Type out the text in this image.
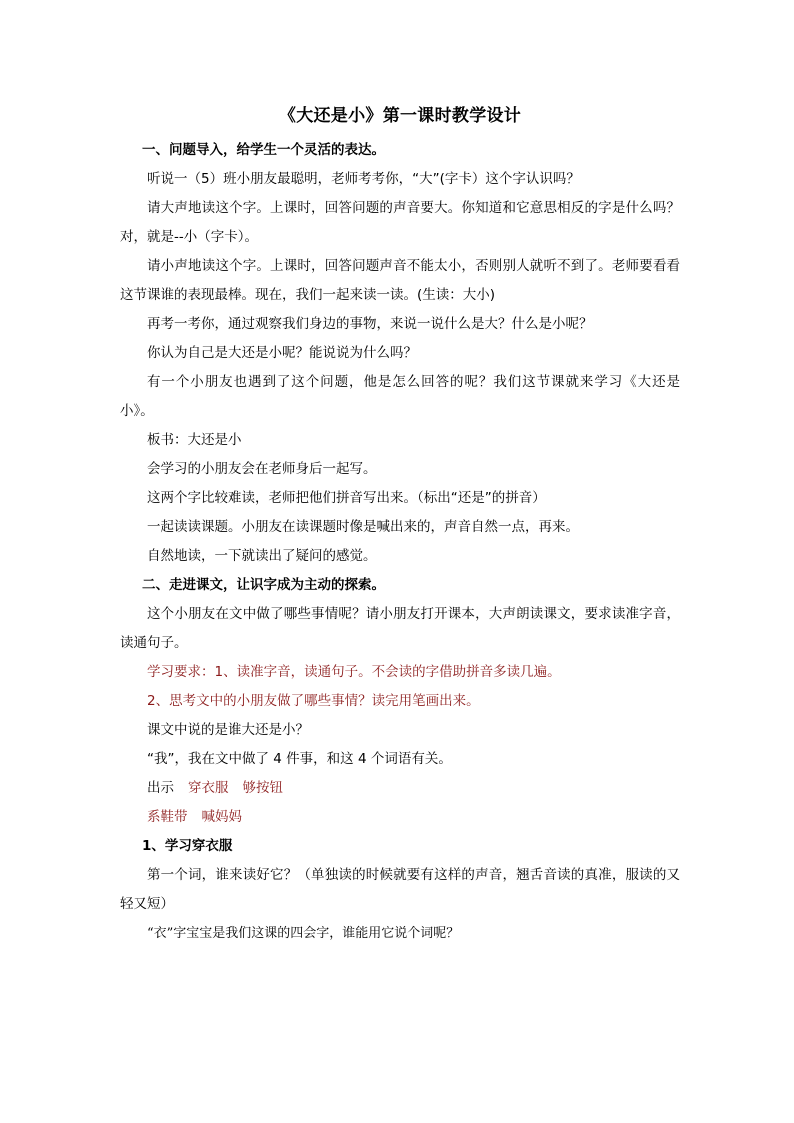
《大还是小》第一课时教学设计

一、问题导入，给学生一个灵活的表达。

听说一（5）班小朋友最聪明，老师考考你，“大”(字卡）这个字认识吗？

请大声地读这个字。上课时，回答问题的声音要大。你知道和它意思相反的字是什么吗？对，就是--小（字卡）。

请小声地读这个字。上课时，回答问题声音不能太小，否则别人就听不到了。老师要看看这节课谁的表现最棒。现在，我们一起来读一读。(生读：大小)

再考一考你，通过观察我们身边的事物，来说一说什么是大？什么是小呢？

你认为自己是大还是小呢？能说说为什么吗？

有一个小朋友也遇到了这个问题，他是怎么回答的呢？我们这节课就来学习《大还是小》。

板书：大还是小

会学习的小朋友会在老师身后一起写。

这两个字比较难读，老师把他们拼音写出来。（标出“还是”的拼音）

一起读读课题。小朋友在读课题时像是喊出来的，声音自然一点，再来。

自然地读，一下就读出了疑问的感觉。

二、走进课文，让识字成为主动的探索。

这个小朋友在文中做了哪些事情呢？请小朋友打开课本，大声朗读课文，要求读准字音，读通句子。

学习要求：1、读准字音，读通句子。不会读的字借助拼音多读几遍。

2、思考文中的小朋友做了哪些事情？读完用笔画出来。

课文中说的是谁大还是小？

“我”，我在文中做了 4 件事，和这 4 个词语有关。

出示 穿衣服 够按钮

系鞋带 喊妈妈

1、学习穿衣服

第一个词，谁来读好它？（单独读的时候就要有这样的声音，翘舌音读的真准，服读的又轻又短）

“衣”字宝宝是我们这课的四会字，谁能用它说个词呢？
